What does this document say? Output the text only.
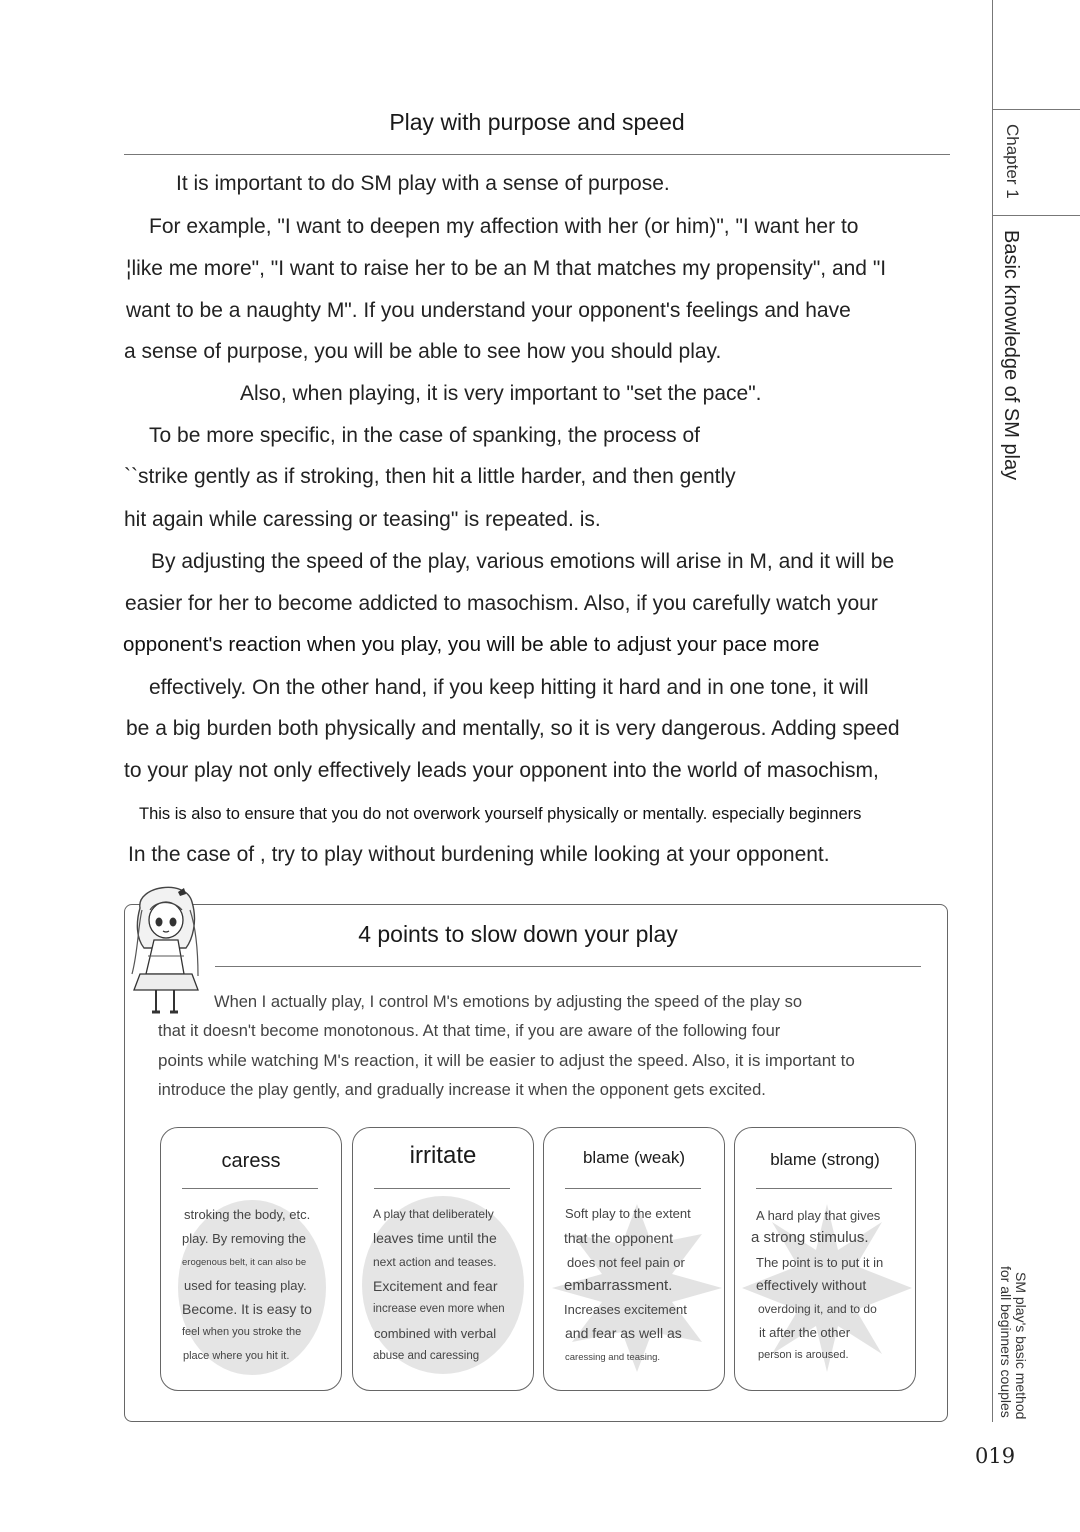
Chapter 1
Basic knowledge of SM play
SM play's basic method
for all beginners couples
Play with purpose and speed
It is important to do SM play with a sense of purpose.
For example, "I want to deepen my affection with her (or him)", "I want her to
¦like me more", "I want to raise her to be an M that matches my propensity", and "I
want to be a naughty M". If you understand your opponent's feelings and have
a sense of purpose, you will be able to see how you should play.
Also, when playing, it is very important to "set the pace".
To be more specific, in the case of spanking, the process of
``strike gently as if stroking, then hit a little harder, and then gently
hit again while caressing or teasing" is repeated. is.
By adjusting the speed of the play, various emotions will arise in M, and it will be
easier for her to become addicted to masochism. Also, if you carefully watch your
opponent's reaction when you play, you will be able to adjust your pace more
effectively. On the other hand, if you keep hitting it hard and in one tone, it will
be a big burden both physically and mentally, so it is very dangerous. Adding speed
to your play not only effectively leads your opponent into the world of masochism,
This is also to ensure that you do not overwork yourself physically or mentally. especially beginners
In the case of , try to play without burdening while looking at your opponent.
4 points to slow down your play
When I actually play, I control M's emotions by adjusting the speed of the play so
that it doesn't become monotonous. At that time, if you are aware of the following four
points while watching M's reaction, it will be easier to adjust the speed. Also, it is important to
introduce the play gently, and gradually increase it when the opponent gets excited.
caress
stroking the body, etc.
play. By removing the
erogenous belt, it can also be
used for teasing play.
Become. It is easy to
feel when you stroke the
place where you hit it.
irritate
A play that deliberately
leaves time until the
next action and teases.
Excitement and fear
increase even more when
combined with verbal
abuse and caressing
blame (weak)
Soft play to the extent
that the opponent
does not feel pain or
embarrassment.
Increases excitement
and fear as well as
caressing and teasing.
blame (strong)
A hard play that gives
a strong stimulus.
The point is to put it in
effectively without
overdoing it, and to do
it after the other
person is aroused.
019
